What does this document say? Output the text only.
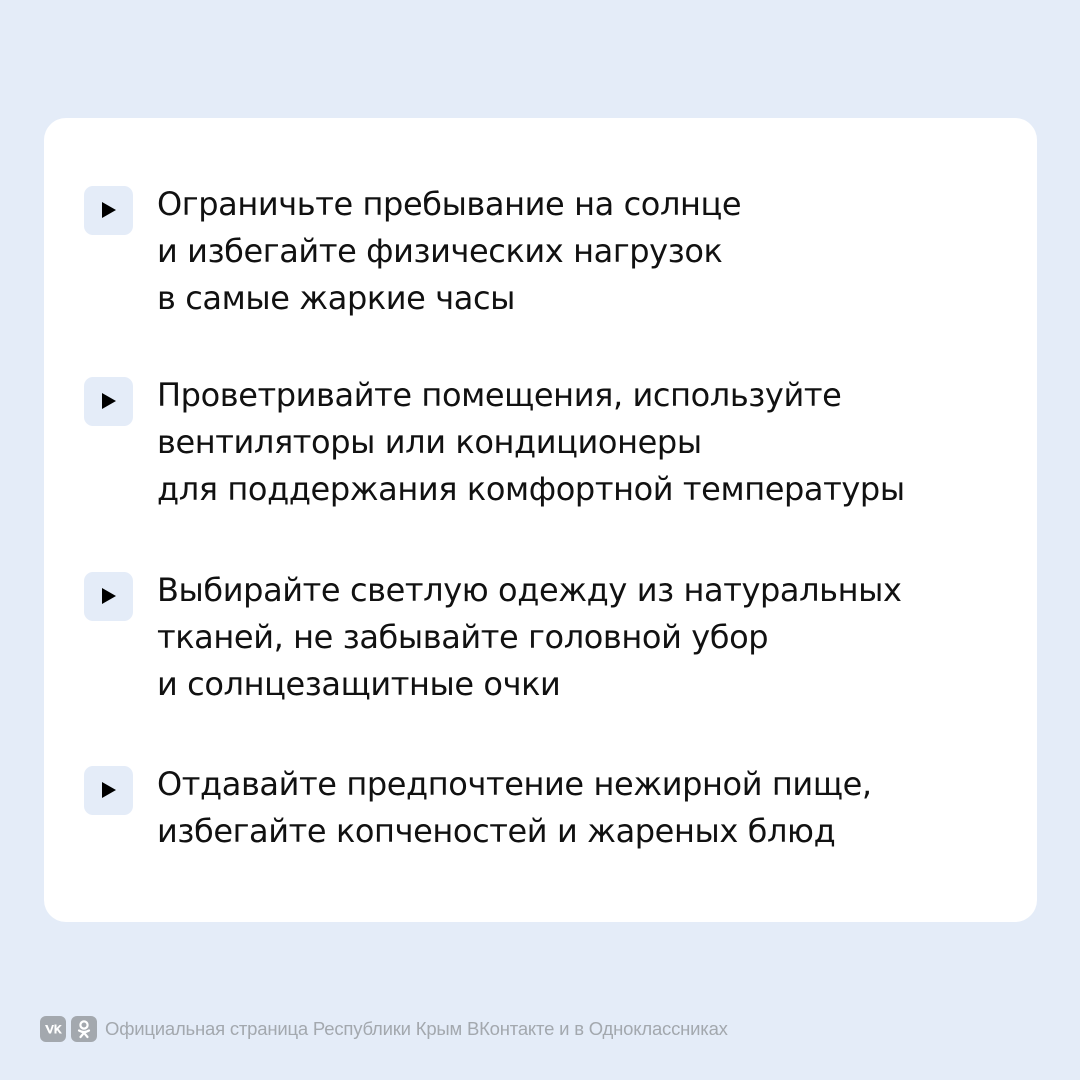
Ограничьте пребывание на солнце
и избегайте физических нагрузок
в самые жаркие часы
Проветривайте помещения, используйте
вентиляторы или кондиционеры
для поддержания комфортной температуры
Выбирайте светлую одежду из натуральных
тканей, не забывайте головной убор
и солнцезащитные очки
Отдавайте предпочтение нежирной пище,
избегайте копченостей и жареных блюд
Официальная страница Республики Крым ВКонтакте и в Одноклассниках
